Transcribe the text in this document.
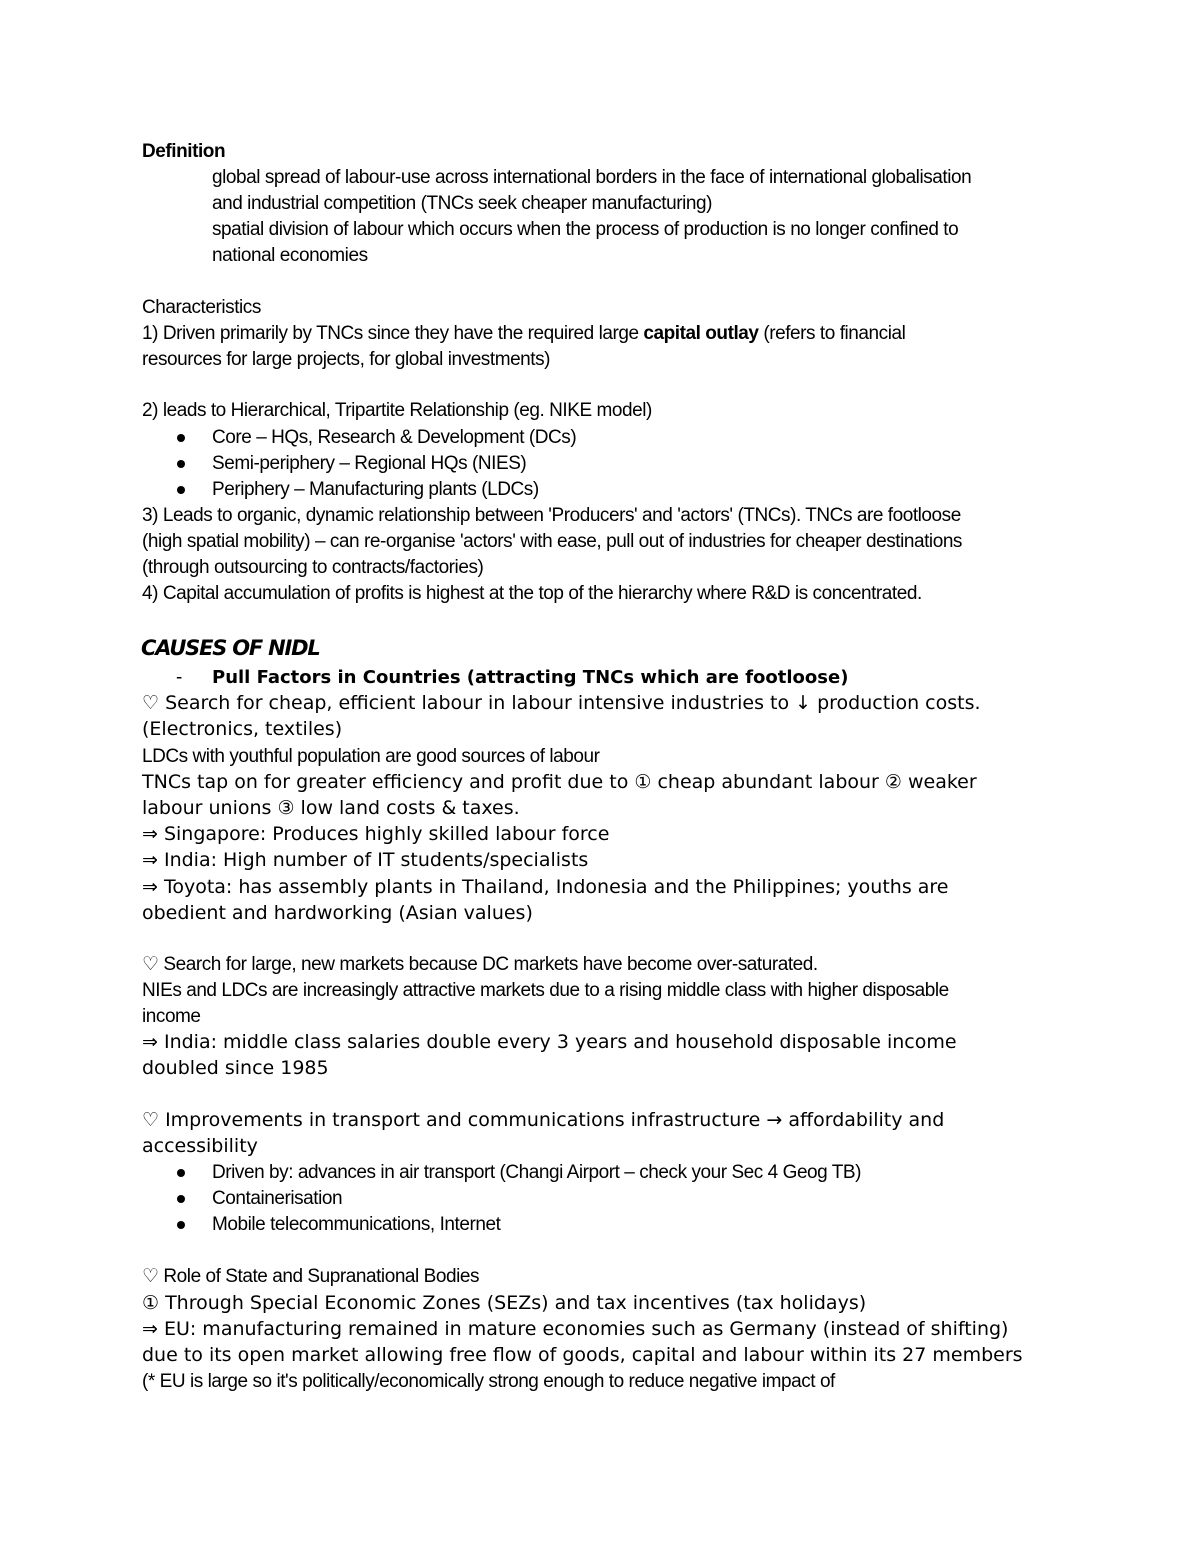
Definition
global spread of labour-use across international borders in the face of international globalisation
and industrial competition (TNCs seek cheaper manufacturing)
spatial division of labour which occurs when the process of production is no longer confined to
national economies
Characteristics
1) Driven primarily by TNCs since they have the required large capital outlay (refers to financial
resources for large projects, for global investments)
2) leads to Hierarchical, Tripartite Relationship (eg. NIKE model)
Core – HQs, Research & Development (DCs)
Semi-periphery – Regional HQs (NIES)
Periphery – Manufacturing plants (LDCs)
3) Leads to organic, dynamic relationship between 'Producers' and 'actors' (TNCs). TNCs are footloose
(high spatial mobility) – can re-organise 'actors' with ease, pull out of industries for cheaper destinations
(through outsourcing to contracts/factories)
4) Capital accumulation of profits is highest at the top of the hierarchy where R&D is concentrated.
CAUSES OF NIDL
- Pull Factors in Countries (attracting TNCs which are footloose)
♡ Search for cheap, efficient labour in labour intensive industries to ↓ production costs.
(Electronics, textiles)
LDCs with youthful population are good sources of labour
TNCs tap on for greater efficiency and profit due to ① cheap abundant labour ② weaker
labour unions ③ low land costs & taxes.
⇒ Singapore: Produces highly skilled labour force
⇒ India: High number of IT students/specialists
⇒ Toyota: has assembly plants in Thailand, Indonesia and the Philippines; youths are
obedient and hardworking (Asian values)
♡ Search for large, new markets because DC markets have become over-saturated.
NIEs and LDCs are increasingly attractive markets due to a rising middle class with higher disposable
income
⇒ India: middle class salaries double every 3 years and household disposable income
doubled since 1985
♡ Improvements in transport and communications infrastructure → affordability and
accessibility
Driven by: advances in air transport (Changi Airport – check your Sec 4 Geog TB)
Containerisation
Mobile telecommunications, Internet
♡ Role of State and Supranational Bodies
① Through Special Economic Zones (SEZs) and tax incentives (tax holidays)
⇒ EU: manufacturing remained in mature economies such as Germany (instead of shifting)
due to its open market allowing free flow of goods, capital and labour within its 27 members
(* EU is large so it's politically/economically strong enough to reduce negative impact of
